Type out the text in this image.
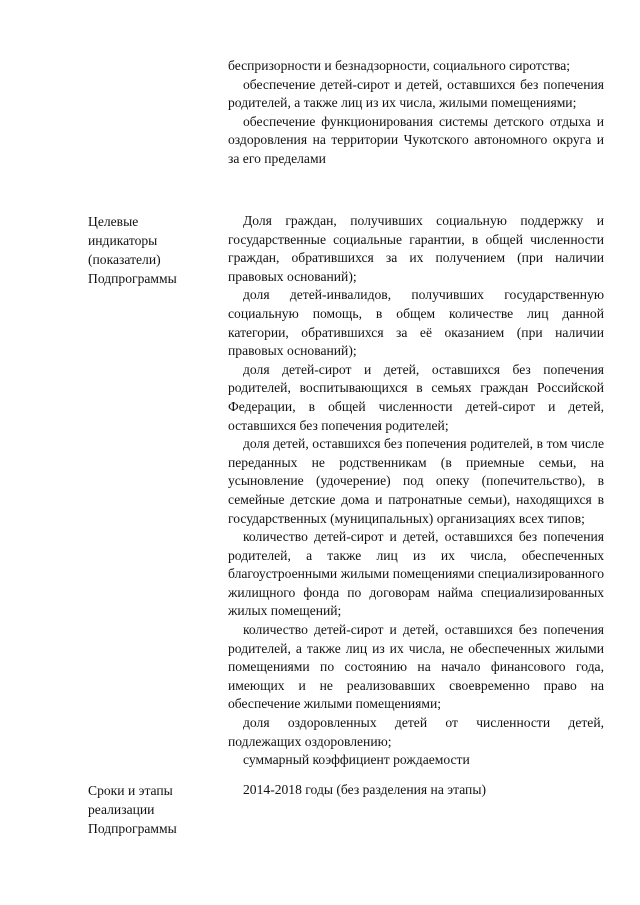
беспризорности и безнадзорности, социального сиротства;

обеспечение детей-сирот и детей, оставшихся без попечения родителей, а также лиц из их числа, жилыми помещениями;

обеспечение функционирования системы детского отдыха и оздоровления на территории Чукотского автономного округа и за его пределами

Целевые
индикаторы
(показатели)
Подпрограммы

Доля граждан, получивших социальную поддержку и государственные социальные гарантии, в общей численности граждан, обратившихся за их получением (при наличии правовых оснований);

доля детей-инвалидов, получивших государственную социальную помощь, в общем количестве лиц данной категории, обратившихся за её оказанием (при наличии правовых оснований);

доля детей-сирот и детей, оставшихся без попечения родителей, воспитывающихся в семьях граждан Российской Федерации, в общей численности детей-сирот и детей, оставшихся без попечения родителей;

доля детей, оставшихся без попечения родителей, в том числе переданных не родственникам (в приемные семьи, на усыновление (удочерение) под опеку (попечительство), в семейные детские дома и патронатные семьи), находящихся в государственных (муниципальных) организациях всех типов;

количество детей-сирот и детей, оставшихся без попечения родителей, а также лиц из их числа, обеспеченных благоустроенными жилыми помещениями специализированного жилищного фонда по договорам найма специализированных жилых помещений;

количество детей-сирот и детей, оставшихся без попечения родителей, а также лиц из их числа, не обеспеченных жилыми помещениями по состоянию на начало финансового года, имеющих и не реализовавших своевременно право на обеспечение жилыми помещениями;

доля оздоровленных детей от численности детей, подлежащих оздоровлению;

суммарный коэффициент рождаемости

Сроки и этапы
реализации
Подпрограммы

2014-2018 годы (без разделения на этапы)
